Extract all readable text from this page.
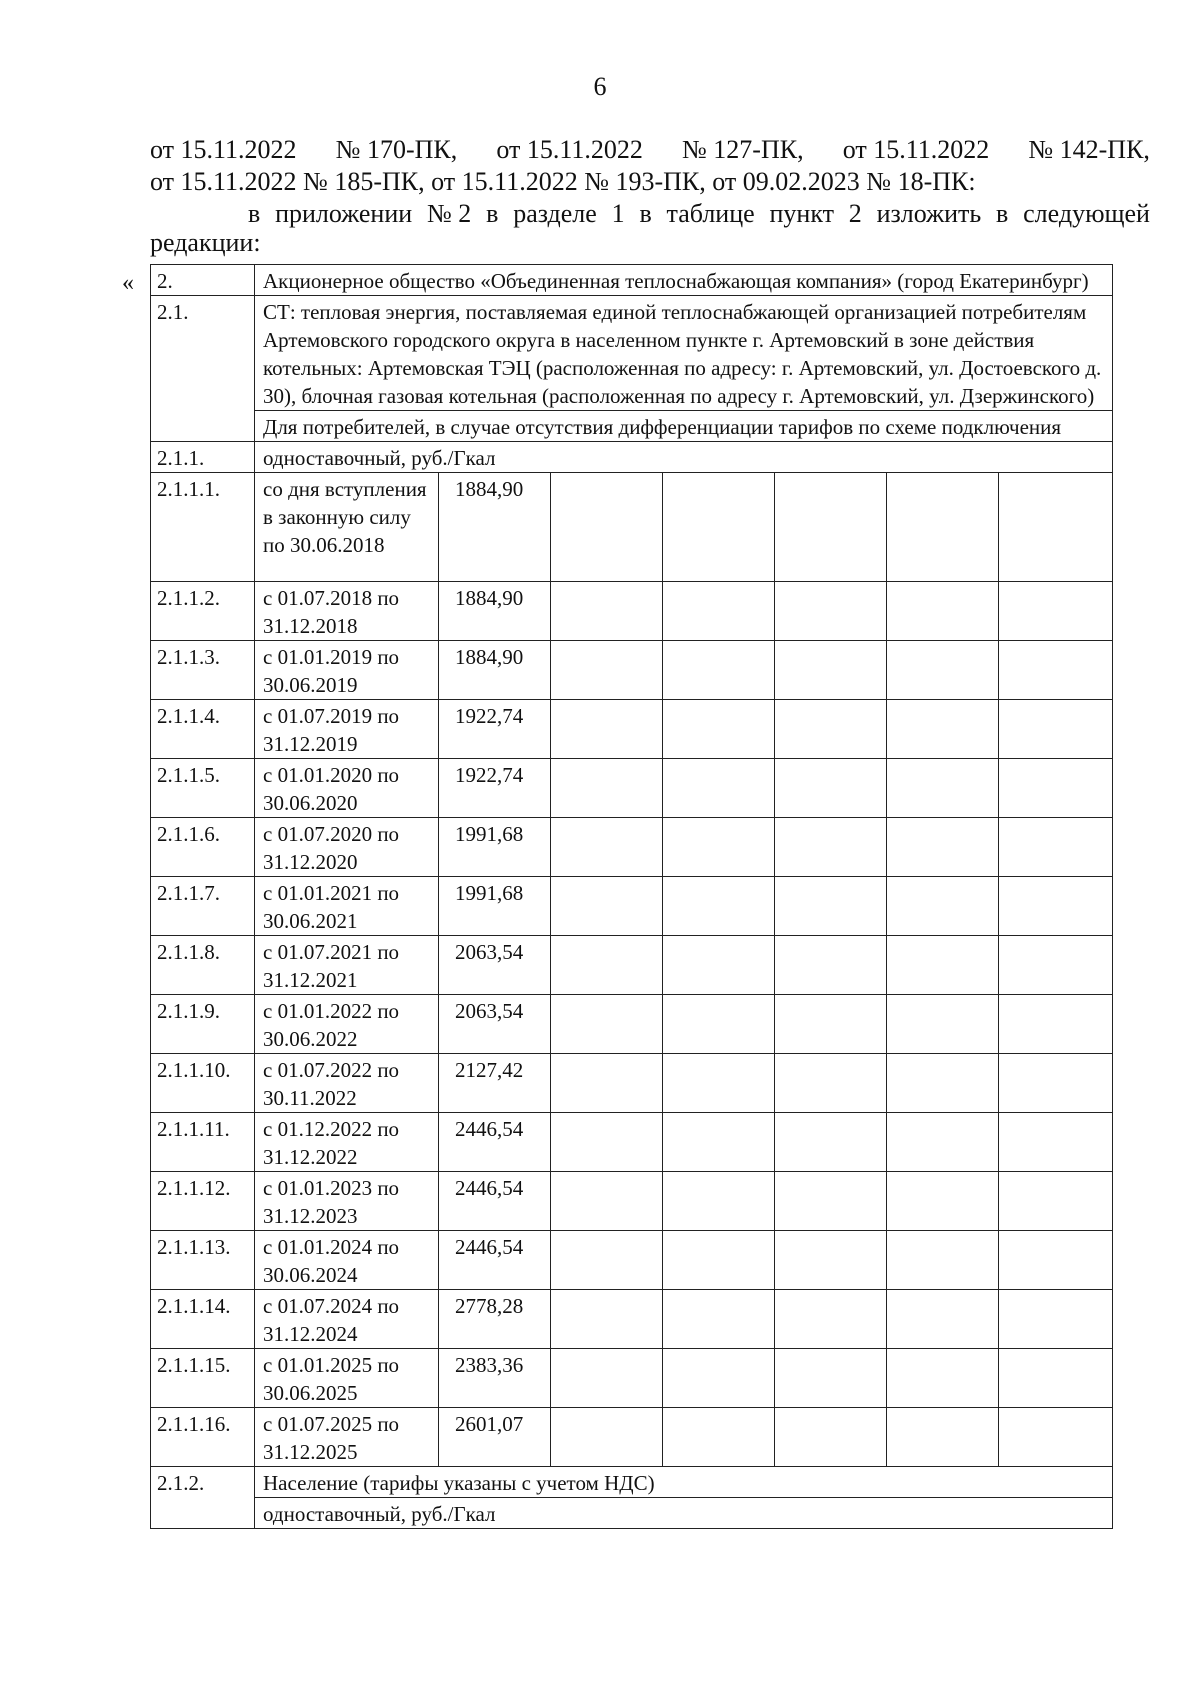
6
от 15.11.2022 № 170-ПК, от 15.11.2022 № 127-ПК, от 15.11.2022 № 142-ПК,
от 15.11.2022 № 185-ПК, от 15.11.2022 № 193-ПК, от 09.02.2023 № 18-ПК:
в приложении № 2 в разделе 1 в таблице пункт 2 изложить в следующей
редакции:
« 2.	Акционерное общество «Объединенная теплоснабжающая компания» (город Екатеринбург)						
2.1.	СТ: тепловая энергия, поставляемая единой теплоснабжающей организацией потребителям Артемовского городского округа в населенном пункте г. Артемовский в зоне действия котельных: Артемовская ТЭЦ (расположенная по адресу: г. Артемовский, ул. Достоевского д. 30), блочная газовая котельная (расположенная по адресу г. Артемовский, ул. Дзержинского)						
	Для потребителей, в случае отсутствия дифференциации тарифов по схеме подключения						
2.1.1.	одноставочный, руб./Гкал						
2.1.1.1.	со дня вступления в законную силу по 30.06.2018	1884,90					
2.1.1.2.	с 01.07.2018 по 31.12.2018	1884,90					
2.1.1.3.	с 01.01.2019 по 30.06.2019	1884,90					
2.1.1.4.	с 01.07.2019 по 31.12.2019	1922,74					
2.1.1.5.	с 01.01.2020 по 30.06.2020	1922,74					
2.1.1.6.	с 01.07.2020 по 31.12.2020	1991,68					
2.1.1.7.	с 01.01.2021 по 30.06.2021	1991,68					
2.1.1.8.	с 01.07.2021 по 31.12.2021	2063,54					
2.1.1.9.	с 01.01.2022 по 30.06.2022	2063,54					
2.1.1.10.	с 01.07.2022 по 30.11.2022	2127,42					
2.1.1.11.	с 01.12.2022 по 31.12.2022	2446,54					
2.1.1.12.	с 01.01.2023 по 31.12.2023	2446,54					
2.1.1.13.	с 01.01.2024 по 30.06.2024	2446,54					
2.1.1.14.	с 01.07.2024 по 31.12.2024	2778,28					
2.1.1.15.	с 01.01.2025 по 30.06.2025	2383,36					
2.1.1.16.	с 01.07.2025 по 31.12.2025	2601,07					
2.1.2.	Население (тарифы указаны с учетом НДС)						
	одноставочный, руб./Гкал						
